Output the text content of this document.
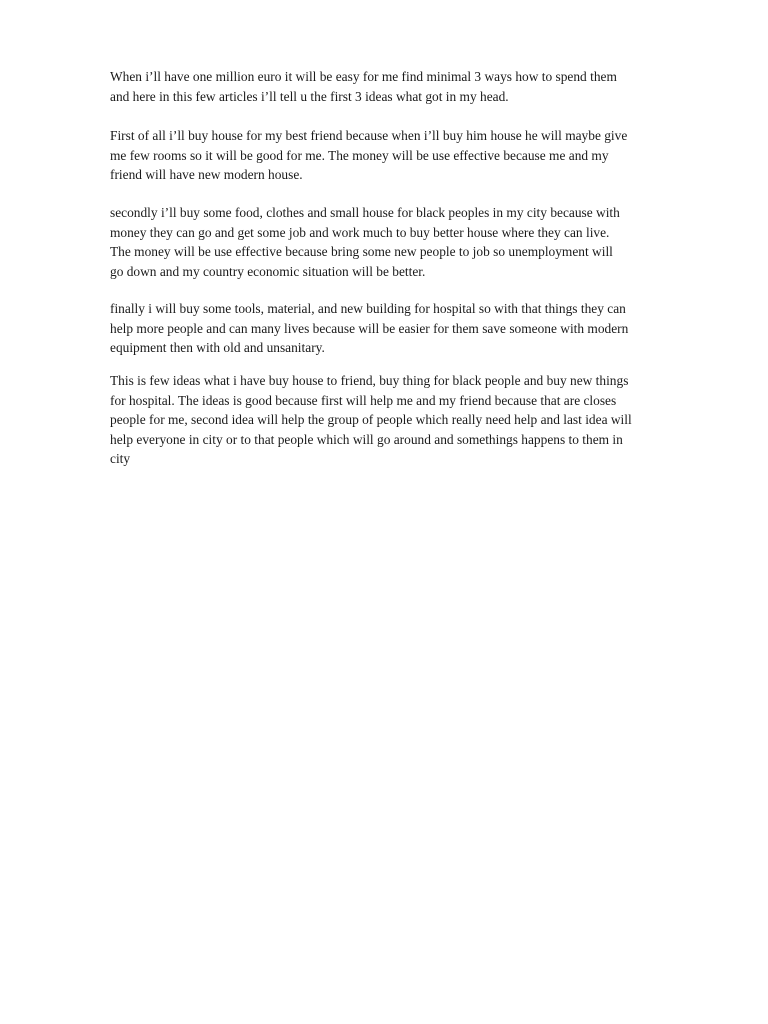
When i’ll have one million euro it will be easy for me find minimal 3 ways how to spend them
and here in this few articles i’ll tell u the first 3 ideas what got in my head.

First of all i’ll buy house for my best friend because when i’ll buy him house he will maybe give
me few rooms so it will be good for me. The money will be use effective because me and my
friend will have new modern house.

secondly i’ll buy some food, clothes and small house for black peoples in my city because with
money they can go and get some job and work much to buy better house where they can live.
The money will be use effective because bring some new people to job so unemployment will
go down and my country economic situation will be better.

finally i will buy some tools, material, and new building for hospital so with that things they can
help more people and can many lives because will be easier for them save someone with modern
equipment then with old and unsanitary.

This is few ideas what i have buy house to friend, buy thing for black people and buy new things
for hospital. The ideas is good because first will help me and my friend because that are closes
people for me, second idea will help the group of people which really need help and last idea will
help everyone in city or to that people which will go around and somethings happens to them in
city
